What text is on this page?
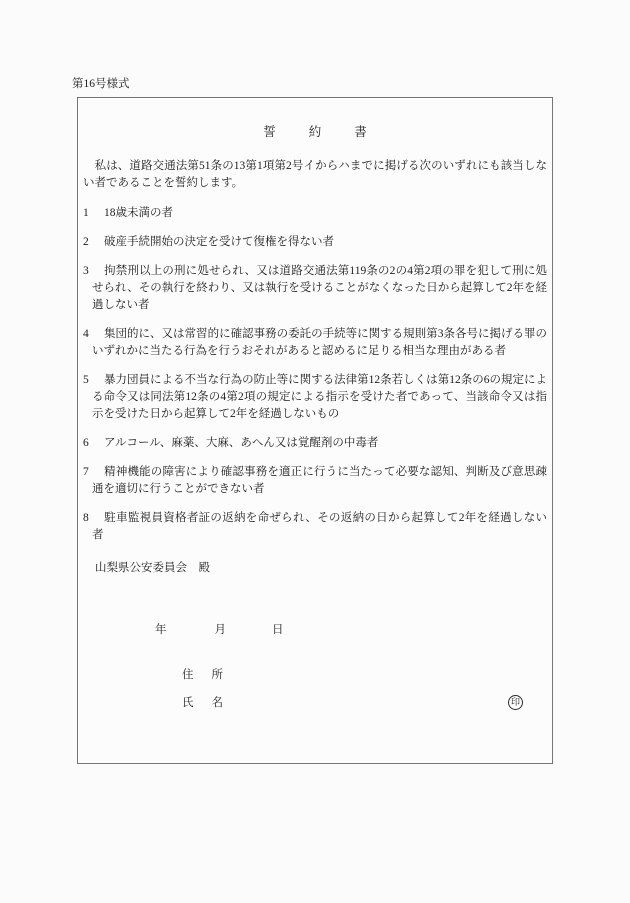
第16号様式
誓約書

　私は、道路交通法第51条の13第1項第2号イからハまでに掲げる次のいずれにも該当しない者であることを誓約します。

1 18歳未満の者
2 破産手続開始の決定を受けて復権を得ない者
3 拘禁刑以上の刑に処せられ、又は道路交通法第119条の2の4第2項の罪を犯して刑に処せられ、その執行を終わり、又は執行を受けることがなくなった日から起算して2年を経過しない者
4 集団的に、又は常習的に確認事務の委託の手続等に関する規則第3条各号に掲げる罪のいずれかに当たる行為を行うおそれがあると認めるに足りる相当な理由がある者
5 暴力団員による不当な行為の防止等に関する法律第12条若しくは第12条の6の規定による命令又は同法第12条の4第2項の規定による指示を受けた者であって、当該命令又は指示を受けた日から起算して2年を経過しないもの
6 アルコール、麻薬、大麻、あへん又は覚醒剤の中毒者
7 精神機能の障害により確認事務を適正に行うに当たって必要な認知、判断及び意思疎通を適切に行うことができない者
8 駐車監視員資格者証の返納を命ぜられ、その返納の日から起算して2年を経過しない者
山梨県公安委員会　殿
年	月	日
住所
氏名	印
